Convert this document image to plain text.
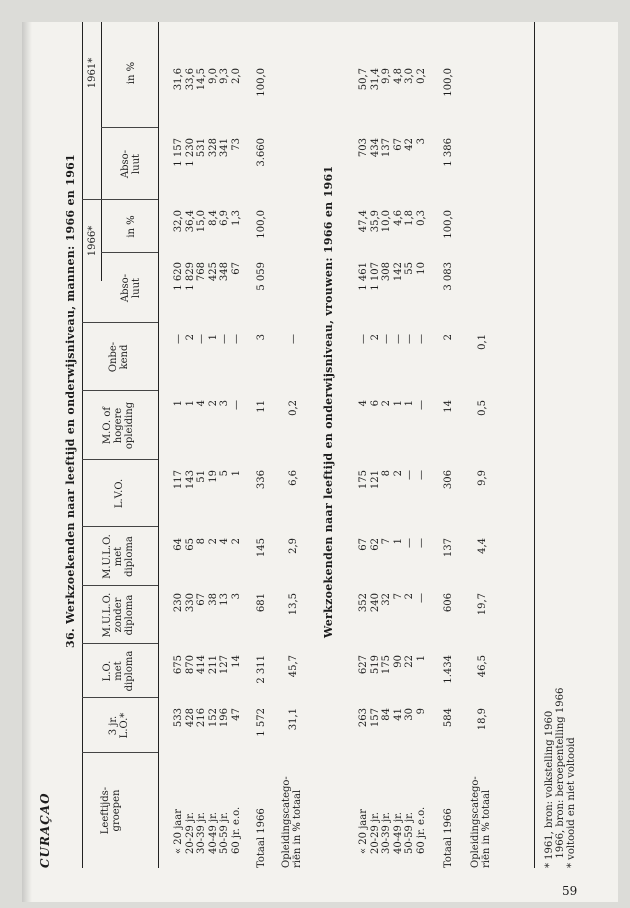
CURAÇAO
36. Werkzoekenden naar leeftijd en onderwijsniveau, mannen: 1966 en 1961
Leeftijds-
groepen
3 jr.
L.O.*
L.O.
met
diploma
M.U.L.O.
zonder
diploma
M.U.L.O.
met
diploma
L.V.O.
M.O. of
hogere
opleiding
Onbe-
kend
1966*
1961*
Abso-
luut
in %
Abso-
luut
in %
« 20 jaar 20-29 jr. 30-39 jr. 40-49 jr. 50-59 jr. 60 jr. e.o.
533 428 216 152 196 47
675 870 414 211 127 14
230 330 67 38 13 3
64 65 8 2 4 2
117 143 51 19 5 1
1 1 4 2 3 —
— 2 — 1 — —
1 620 1 829 768 425 348 67
32,0 36,4 15,0 8,4 6,9 1,3
1 157 1 230 531 328 341 73
31,6 33,6 14,5 9,0 9,3 2,0
Totaal 1966
1 572
2 311
681
145
336
11
3
5 059
100,0
3.660
100,0
Opleidingscatego-
riën in % totaal
31,1
45,7
13,5
2,9
6,6
0,2
— Werkzoekenden naar leeftijd en onderwijsniveau, vrouwen: 1966 en 1961
« 20 jaar 20-29 jr. 30-39 jr. 40-49 jr. 50-59 jr. 60 jr. e.o.
263 157 84 41 30 9
627 519 175 90 22 1
352 240 32 7 2 —
67 62 7 1 — —
175 121 8 2 — —
4 6 2 1 1 —
— 2 — — — —
1 461 1 107 308 142 55 10
47,4 35,9 10,0 4,6 1,8 0,3
703 434 137 67 42 3
50,7 31,4 9,9 4,8 3,0 0,2
Totaal 1966
584
1.434
606
137
306
14
2
3 083
100,0
1 386
100,0
Opleidingscatego-
riën in % totaal
18,9
46,5
19,7
4,4
9,9
0,5
0,1
* 1961, bron: volkstelling 1960 1966, bron: beroepentelling 1966 * voltooid en niet voltooid
59
